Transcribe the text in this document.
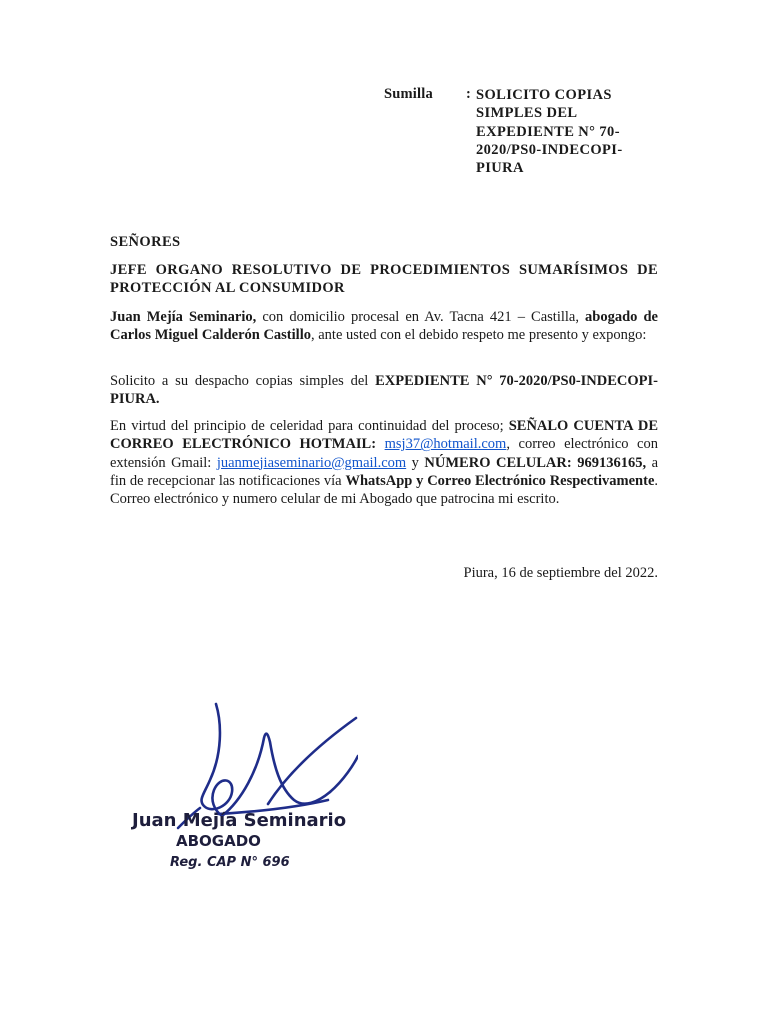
Sumilla : SOLICITO COPIAS SIMPLES DEL EXPEDIENTE N° 70-2020/PS0-INDECOPI-PIURA
SEÑORES
JEFE ORGANO RESOLUTIVO DE PROCEDIMIENTOS SUMARÍSIMOS DE PROTECCIÓN AL CONSUMIDOR
Juan Mejía Seminario, con domicilio procesal en Av. Tacna 421 – Castilla, abogado de Carlos Miguel Calderón Castillo, ante usted con el debido respeto me presento y expongo:
Solicito a su despacho copias simples del EXPEDIENTE N° 70-2020/PS0-INDECOPI-PIURA.
En virtud del principio de celeridad para continuidad del proceso; SEÑALO CUENTA DE CORREO ELECTRÓNICO HOTMAIL: msj37@hotmail.com, correo electrónico con extensión Gmail: juanmejiaseminario@gmail.com y NÚMERO CELULAR: 969136165, a fin de recepcionar las notificaciones vía WhatsApp y Correo Electrónico Respectivamente. Correo electrónico y numero celular de mi Abogado que patrocina mi escrito.
Piura, 16 de septiembre del 2022.
Juan Mejía Seminario
ABOGADO
Reg. CAP N° 696
